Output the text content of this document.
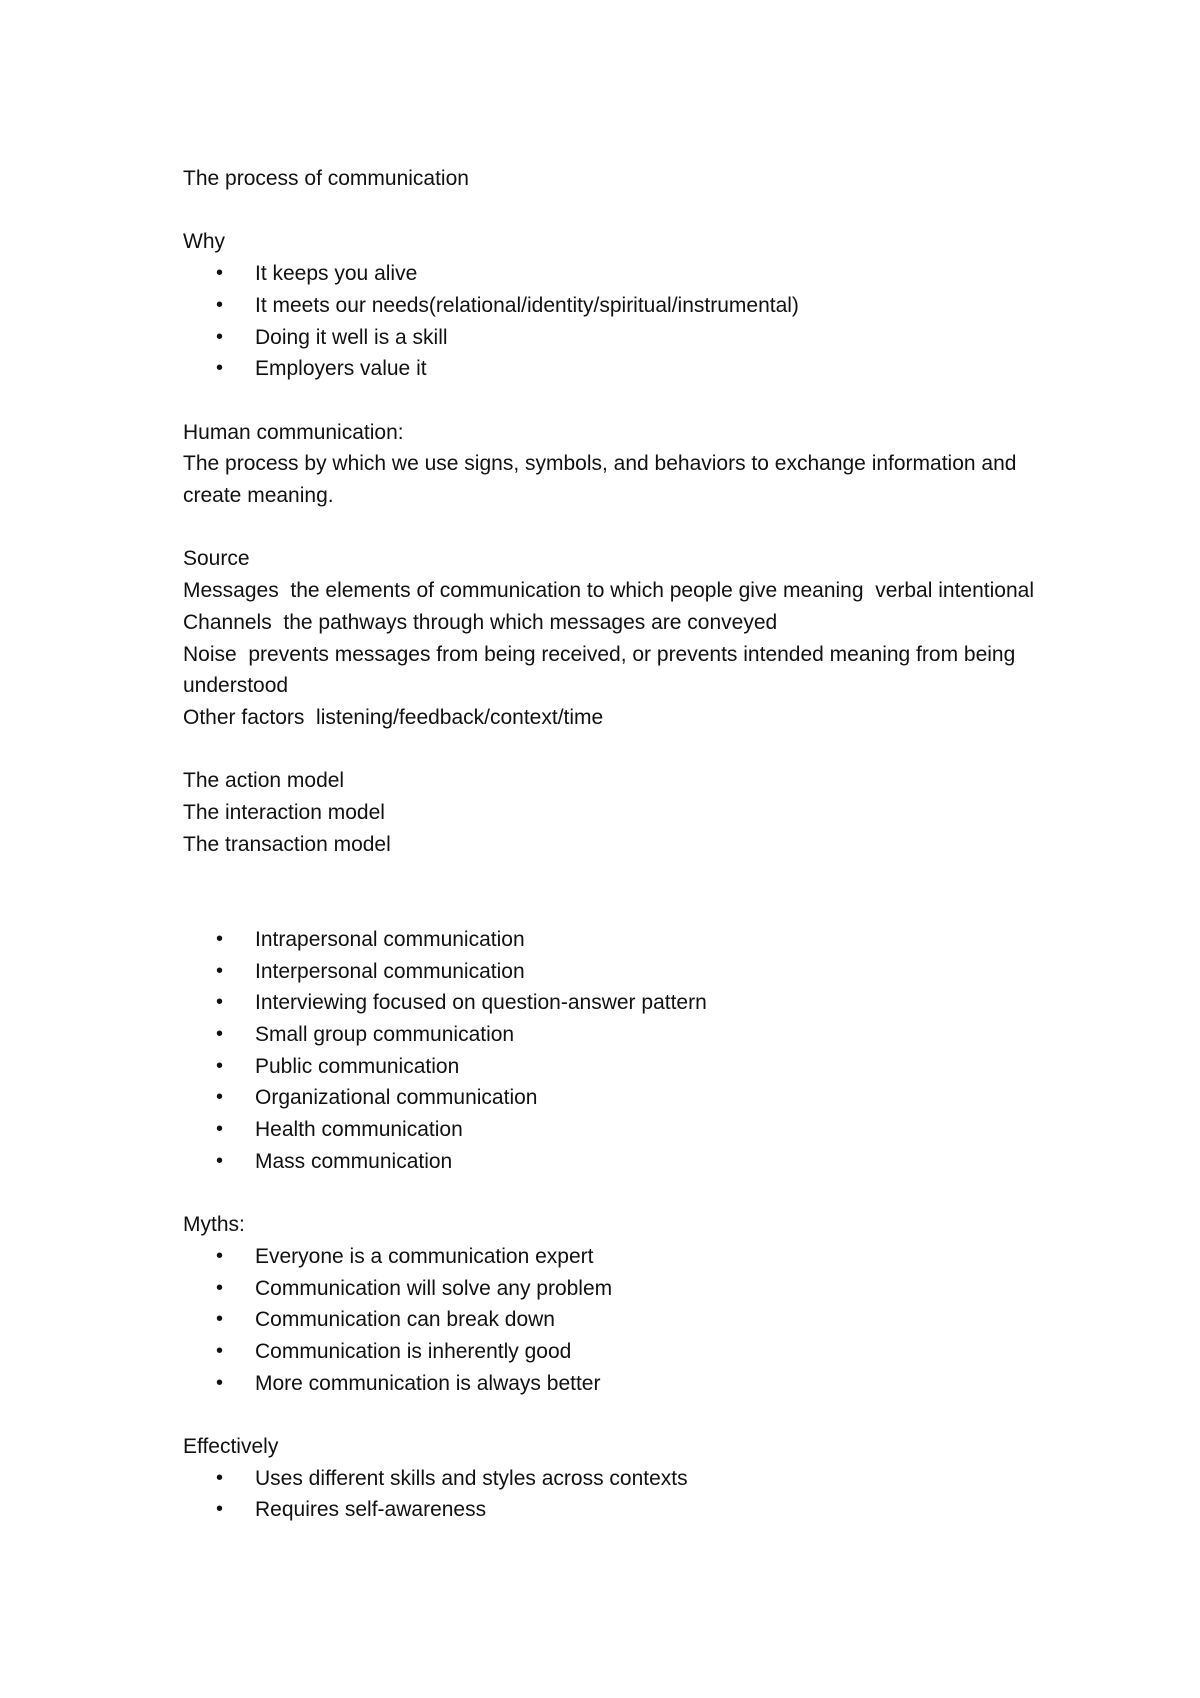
The process of communication

Why

• It keeps you alive
• It meets our needs(relational/identity/spiritual/instrumental)
• Doing it well is a skill
• Employers value it

Human communication:

The process by which we use signs, symbols, and behaviors to exchange information and create meaning.

Source

Messages  the elements of communication to which people give meaning  verbal intentional

Channels  the pathways through which messages are conveyed

Noise  prevents messages from being received, or prevents intended meaning from being understood

Other factors  listening/feedback/context/time

The action model

The interaction model

The transaction model

• Intrapersonal communication
• Interpersonal communication
• Interviewing focused on question-answer pattern
• Small group communication
• Public communication
• Organizational communication
• Health communication
• Mass communication

Myths:

• Everyone is a communication expert
• Communication will solve any problem
• Communication can break down
• Communication is inherently good
• More communication is always better

Effectively

• Uses different skills and styles across contexts
• Requires self-awareness
